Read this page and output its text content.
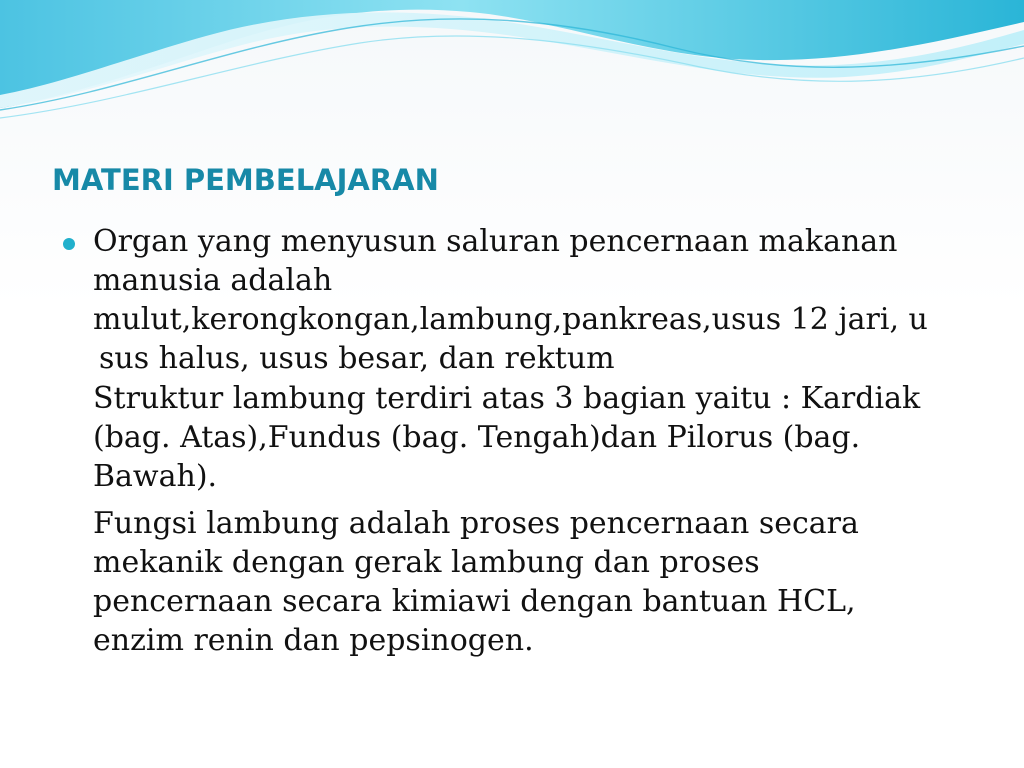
MATERI PEMBELAJARAN

Organ yang menyusun saluran pencernaan makanan
manusia adalah
mulut,kerongkongan,lambung,pankreas,usus 12 jari, u
sus halus, usus besar, dan rektum

Struktur lambung terdiri atas 3 bagian yaitu : Kardiak
(bag. Atas),Fundus (bag. Tengah)dan Pilorus (bag.
Bawah).

Fungsi lambung adalah proses pencernaan secara
mekanik dengan gerak lambung dan proses
pencernaan secara kimiawi dengan bantuan HCL,
enzim renin dan pepsinogen.
